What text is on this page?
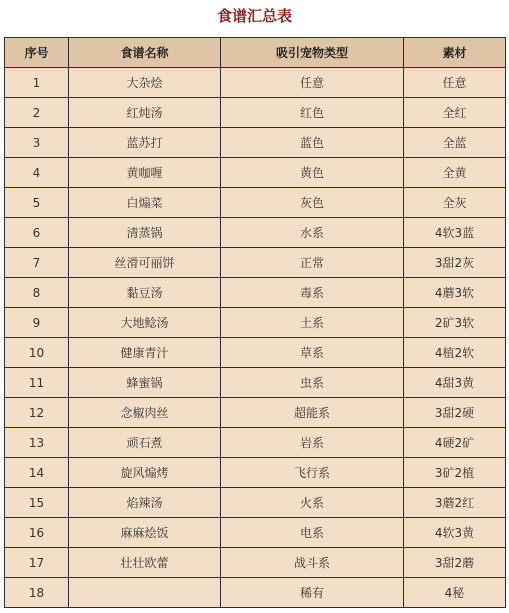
食谱汇总表
序号	食谱名称	吸引宠物类型	素材
1	大杂烩	任意	任意
2	红炖汤	红色	全红
3	蓝苏打	蓝色	全蓝
4	黄咖喱	黄色	全黄
5	白煽菜	灰色	全灰
6	清蒸锅	水系	4软3蓝
7	丝滑可丽饼	正常	3甜2灰
8	黏豆汤	毒系	4蘑3软
9	大地鲶汤	土系	2矿3软
10	健康青汁	草系	4植2软
11	蜂蜜锅	虫系	4甜3黄
12	念椒肉丝	超能系	3甜2硬
13	顽石煮	岩系	4硬2矿
14	旋风煽烤	飞行系	3矿2植
15	焰辣汤	火系	3蘑2红
16	麻麻烩饭	电系	4软3黄
17	壮壮欧蕾	战斗系	3甜2蘑
18		稀有	4秘
